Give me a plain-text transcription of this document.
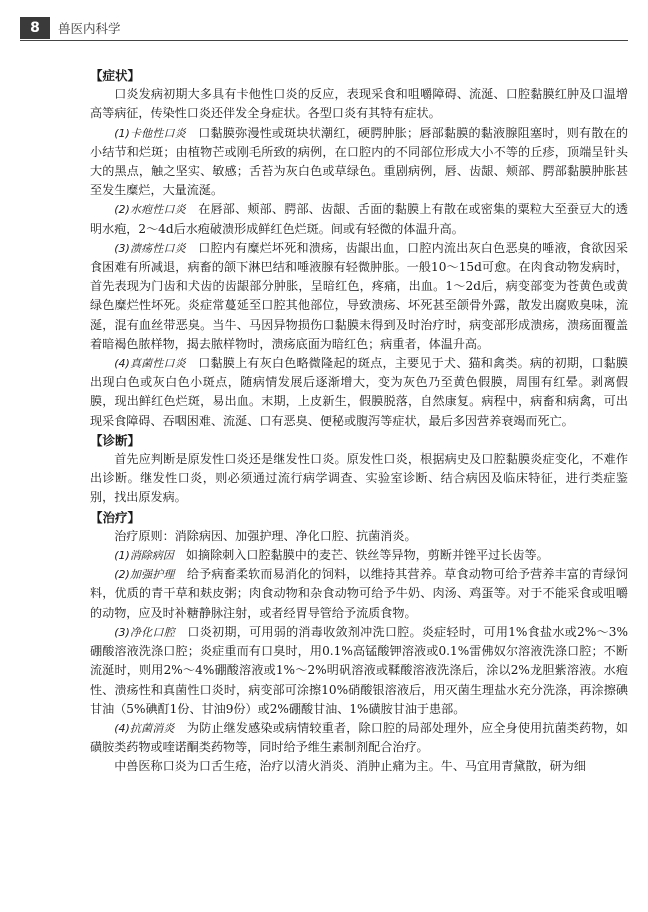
8	兽医内科学
【症状】

口炎发病初期大多具有卡他性口炎的反应，表现采食和咀嚼障碍、流涎、口腔黏膜红肿及口温增高等病征，传染性口炎还伴发全身症状。各型口炎有其特有症状。

(1)卡他性口炎　 口黏膜弥漫性或斑块状潮红，硬腭肿胀；唇部黏膜的黏液腺阻塞时，则有散在的小结节和烂斑；由植物芒或刚毛所致的病例，在口腔内的不同部位形成大小不等的丘疹，顶端呈针头大的黑点，触之坚实、敏感；舌苔为灰白色或草绿色。重剧病例，唇、齿龈、颊部、腭部黏膜肿胀甚至发生糜烂，大量流涎。

(2)水疱性口炎　 在唇部、颊部、腭部、齿龈、舌面的黏膜上有散在或密集的粟粒大至蚕豆大的透明水疱，2～4d后水疱破溃形成鲜红色烂斑。间或有轻微的体温升高。

(3)溃疡性口炎　 口腔内有糜烂坏死和溃疡，齿龈出血，口腔内流出灰白色恶臭的唾液，食欲因采食困难有所减退，病畜的颌下淋巴结和唾液腺有轻微肿胀。一般10～15d可愈。在肉食动物发病时，首先表现为门齿和犬齿的齿龈部分肿胀，呈暗红色，疼痛，出血。1～2d后，病变部变为苍黄色或黄绿色糜烂性坏死。炎症常蔓延至口腔其他部位，导致溃疡、坏死甚至颌骨外露，散发出腐败臭味，流涎，混有血丝带恶臭。当牛、马因异物损伤口黏膜未得到及时治疗时，病变部形成溃疡，溃疡面覆盖着暗褐色脓样物，揭去脓样物时，溃疡底面为暗红色；病重者，体温升高。

(4)真菌性口炎　 口黏膜上有灰白色略微隆起的斑点，主要见于犬、猫和禽类。病的初期，口黏膜出现白色或灰白色小斑点，随病情发展后逐渐增大，变为灰色乃至黄色假膜，周围有红晕。剥离假膜，现出鲜红色烂斑，易出血。末期，上皮新生，假膜脱落，自然康复。病程中，病畜和病禽，可出现采食障碍、吞咽困难、流涎、口有恶臭、便秘或腹泻等症状，最后多因营养衰竭而死亡。

【诊断】

首先应判断是原发性口炎还是继发性口炎。原发性口炎，根据病史及口腔黏膜炎症变化，不难作出诊断。继发性口炎，则必须通过流行病学调查、实验室诊断、结合病因及临床特征，进行类症鉴别，找出原发病。

【治疗】

治疗原则：消除病因、加强护理、净化口腔、抗菌消炎。

(1)消除病因　 如摘除刺入口腔黏膜中的麦芒、铁丝等异物，剪断并锉平过长齿等。

(2)加强护理　 给予病畜柔软而易消化的饲料，以维持其营养。草食动物可给予营养丰富的青绿饲料，优质的青干草和麸皮粥；肉食动物和杂食动物可给予牛奶、肉汤、鸡蛋等。对于不能采食或咀嚼的动物，应及时补糖静脉注射，或者经胃导管给予流质食物。

(3)净化口腔　 口炎初期，可用弱的消毒收敛剂冲洗口腔。炎症轻时，可用1%食盐水或2%～3%硼酸溶液洗涤口腔；炎症重而有口臭时，用0.1%高锰酸钾溶液或0.1%雷佛奴尔溶液洗涤口腔；不断流涎时，则用2%～4%硼酸溶液或1%～2%明矾溶液或鞣酸溶液洗涤后，涂以2%龙胆紫溶液。水疱性、溃疡性和真菌性口炎时，病变部可涂擦10%硝酸银溶液后，用灭菌生理盐水充分洗涤，再涂擦碘甘油（5%碘酊1份、甘油9份）或2%硼酸甘油、1%磺胺甘油于患部。

(4)抗菌消炎　 为防止继发感染或病情较重者，除口腔的局部处理外，应全身使用抗菌类药物，如磺胺类药物或喹诺酮类药物等，同时给予维生素制剂配合治疗。

中兽医称口炎为口舌生疮，治疗以清火消炎、消肿止痛为主。牛、马宜用青黛散，研为细
